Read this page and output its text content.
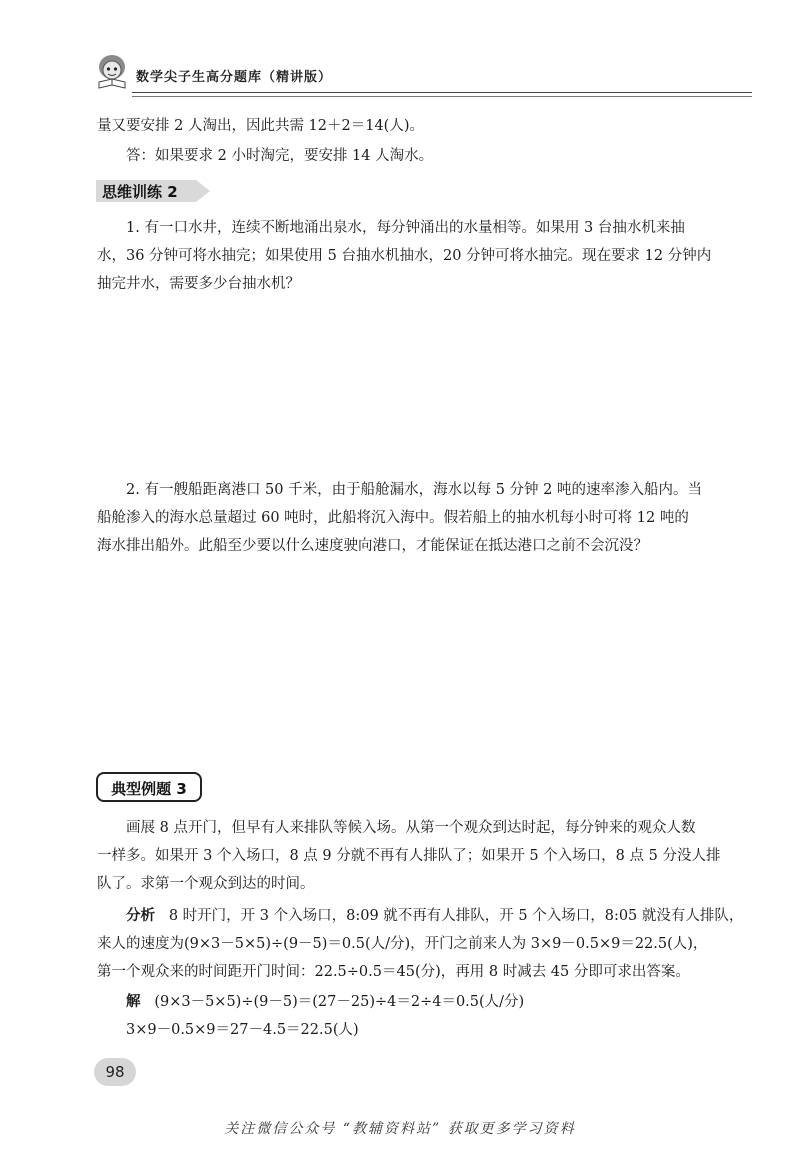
数学尖子生高分题库（精讲版）
量又要安排 2 人淘出，因此共需 12＋2＝14(人)。
答：如果要求 2 小时淘完，要安排 14 人淘水。
思维训练 2
1. 有一口水井，连续不断地涌出泉水，每分钟涌出的水量相等。如果用 3 台抽水机来抽
水，36 分钟可将水抽完；如果使用 5 台抽水机抽水，20 分钟可将水抽完。现在要求 12 分钟内
抽完井水，需要多少台抽水机？
2. 有一艘船距离港口 50 千米，由于船舱漏水，海水以每 5 分钟 2 吨的速率渗入船内。当
船舱渗入的海水总量超过 60 吨时，此船将沉入海中。假若船上的抽水机每小时可将 12 吨的
海水排出船外。此船至少要以什么速度驶向港口，才能保证在抵达港口之前不会沉没？
典型例题 3
画展 8 点开门，但早有人来排队等候入场。从第一个观众到达时起，每分钟来的观众人数
一样多。如果开 3 个入场口，8 点 9 分就不再有人排队了；如果开 5 个入场口，8 点 5 分没人排
队了。求第一个观众到达的时间。
分析 8 时开门，开 3 个入场口，8:09 就不再有人排队，开 5 个入场口，8:05 就没有人排队，
来人的速度为(9×3－5×5)÷(9－5)＝0.5(人/分)，开门之前来人为 3×9－0.5×9＝22.5(人)，
第一个观众来的时间距开门时间：22.5÷0.5＝45(分)，再用 8 时减去 45 分即可求出答案。
解 (9×3－5×5)÷(9－5)＝(27－25)÷4＝2÷4＝0.5(人/分)
3×9－0.5×9＝27－4.5＝22.5(人)
98
关注微信公众号 “教辅资料站” 获取更多学习资料
